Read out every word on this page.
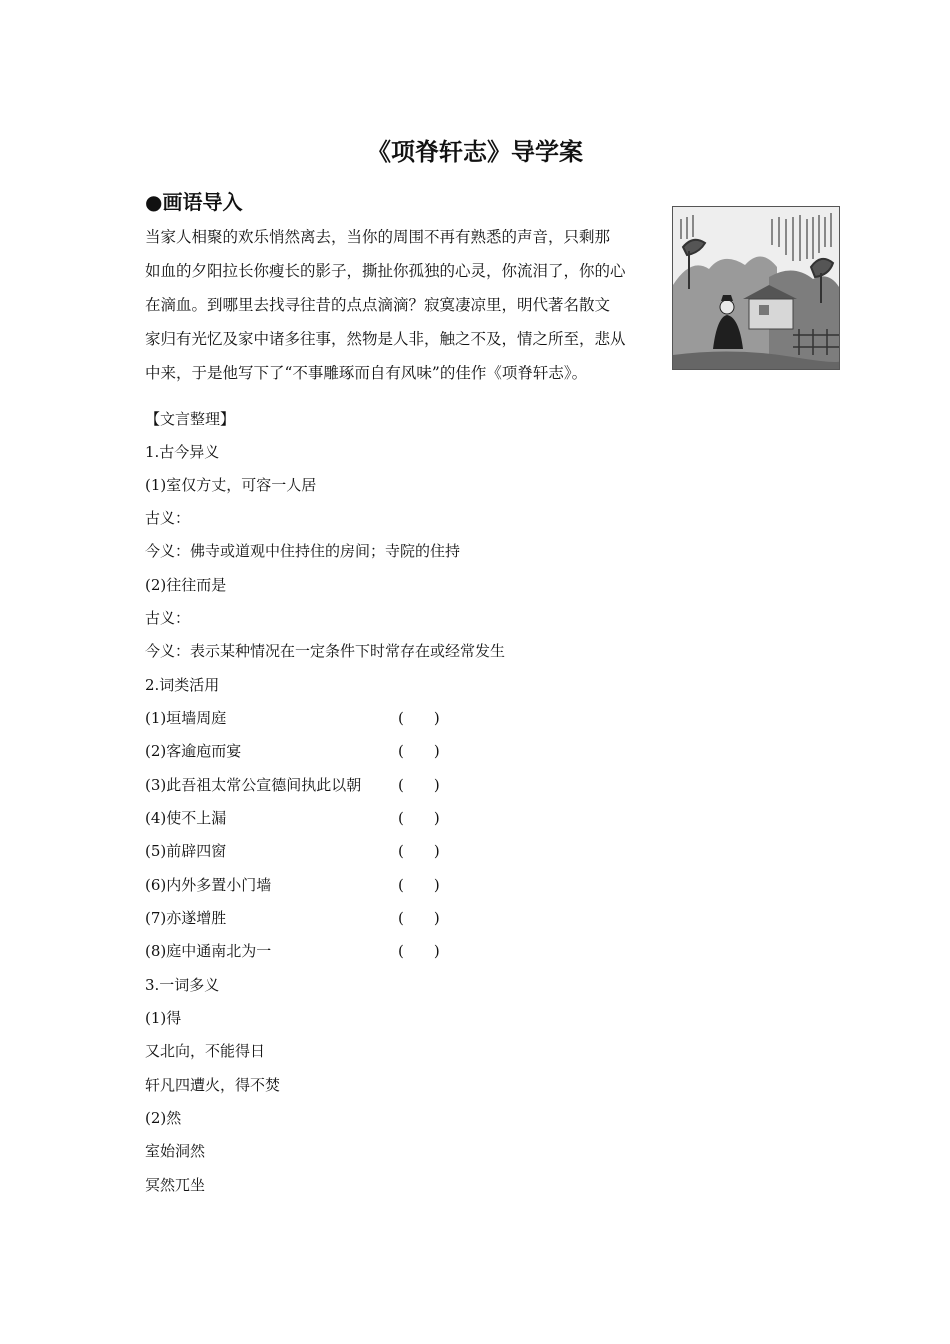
《项脊轩志》导学案
●画语导入
当家人相聚的欢乐悄然离去，当你的周围不再有熟悉的声音，只剩那
如血的夕阳拉长你瘦长的影子，撕扯你孤独的心灵，你流泪了，你的心
在滴血。到哪里去找寻往昔的点点滴滴？寂寞凄凉里，明代著名散文
家归有光忆及家中诸多往事，然物是人非，触之不及，情之所至，悲从
中来，于是他写下了“不事雕琢而自有风味”的佳作《项脊轩志》。
【文言整理】
1.古今异义
(1)室仅方丈，可容一人居
古义：
今义：佛寺或道观中住持住的房间；寺院的住持
(2)往往而是
古义：
今义：表示某种情况在一定条件下时常存在或经常发生
2.词类活用
(1)垣墙周庭	(　　)
(2)客逾庖而宴	(　　)
(3)此吾祖太常公宣德间执此以朝 (　　)
(4)使不上漏	(　　)
(5)前辟四窗	(　　)
(6)内外多置小门墙	(　　)
(7)亦遂增胜	(　　)
(8)庭中通南北为一	(　　)
3.一词多义
(1)得
又北向，不能得日
轩凡四遭火，得不焚
(2)然
室始洞然
冥然兀坐
